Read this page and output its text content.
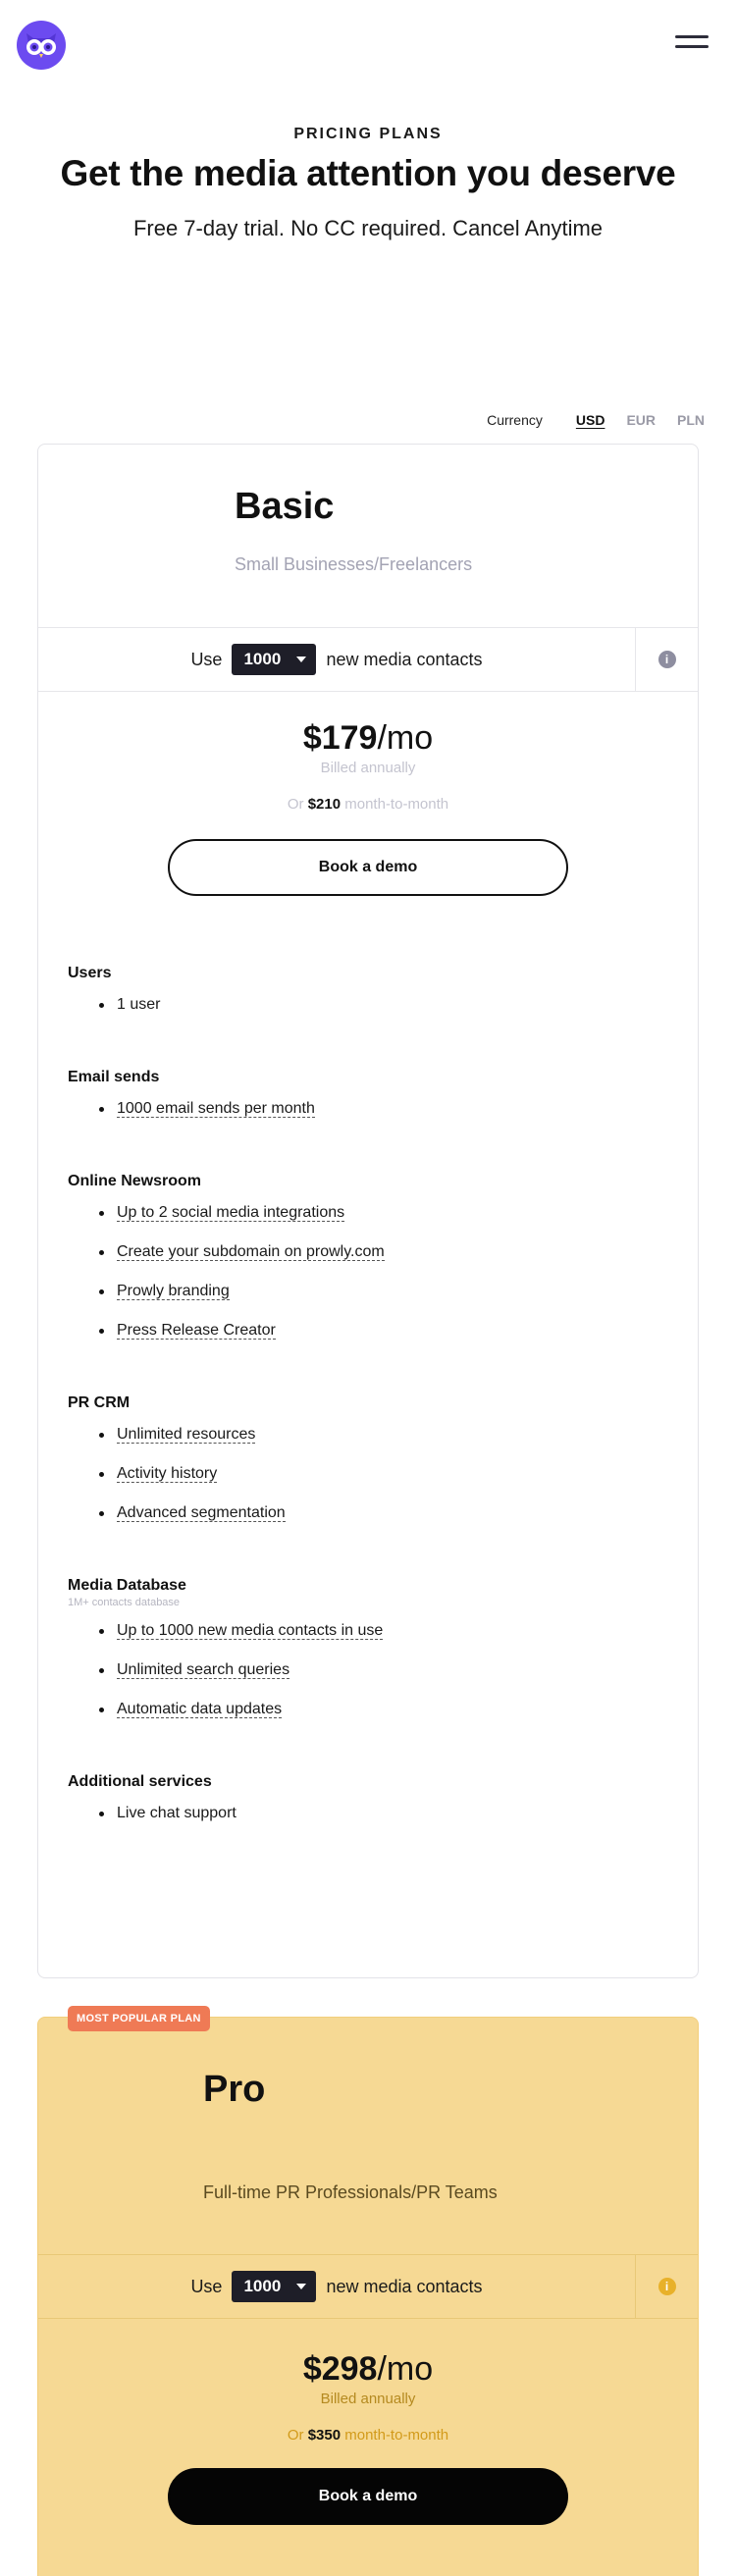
PRICING PLANS
Get the media attention you deserve
Free 7-day trial. No CC required. Cancel Anytime
Currency USD EUR PLN
Basic
Small Businesses/Freelancers
Use 1000	new media contacts	i
$179/mo
Billed annually
Or $210 month-to-month
Book a demo
Users
1 user
Email sends
1000 email sends per month
Online Newsroom
Up to 2 social media integrations
Create your subdomain on prowly.com
Prowly branding
Press Release Creator
PR CRM
Unlimited resources
Activity history
Advanced segmentation
Media Database
1M+ contacts database
Up to 1000 new media contacts in use
Unlimited search queries
Automatic data updates
Additional services
Live chat support
MOST POPULAR PLAN
Pro
Full-time PR Professionals/PR Teams
Use 1000	new media contacts	i
$298/mo
Billed annually
Or $350 month-to-month
Book a demo
